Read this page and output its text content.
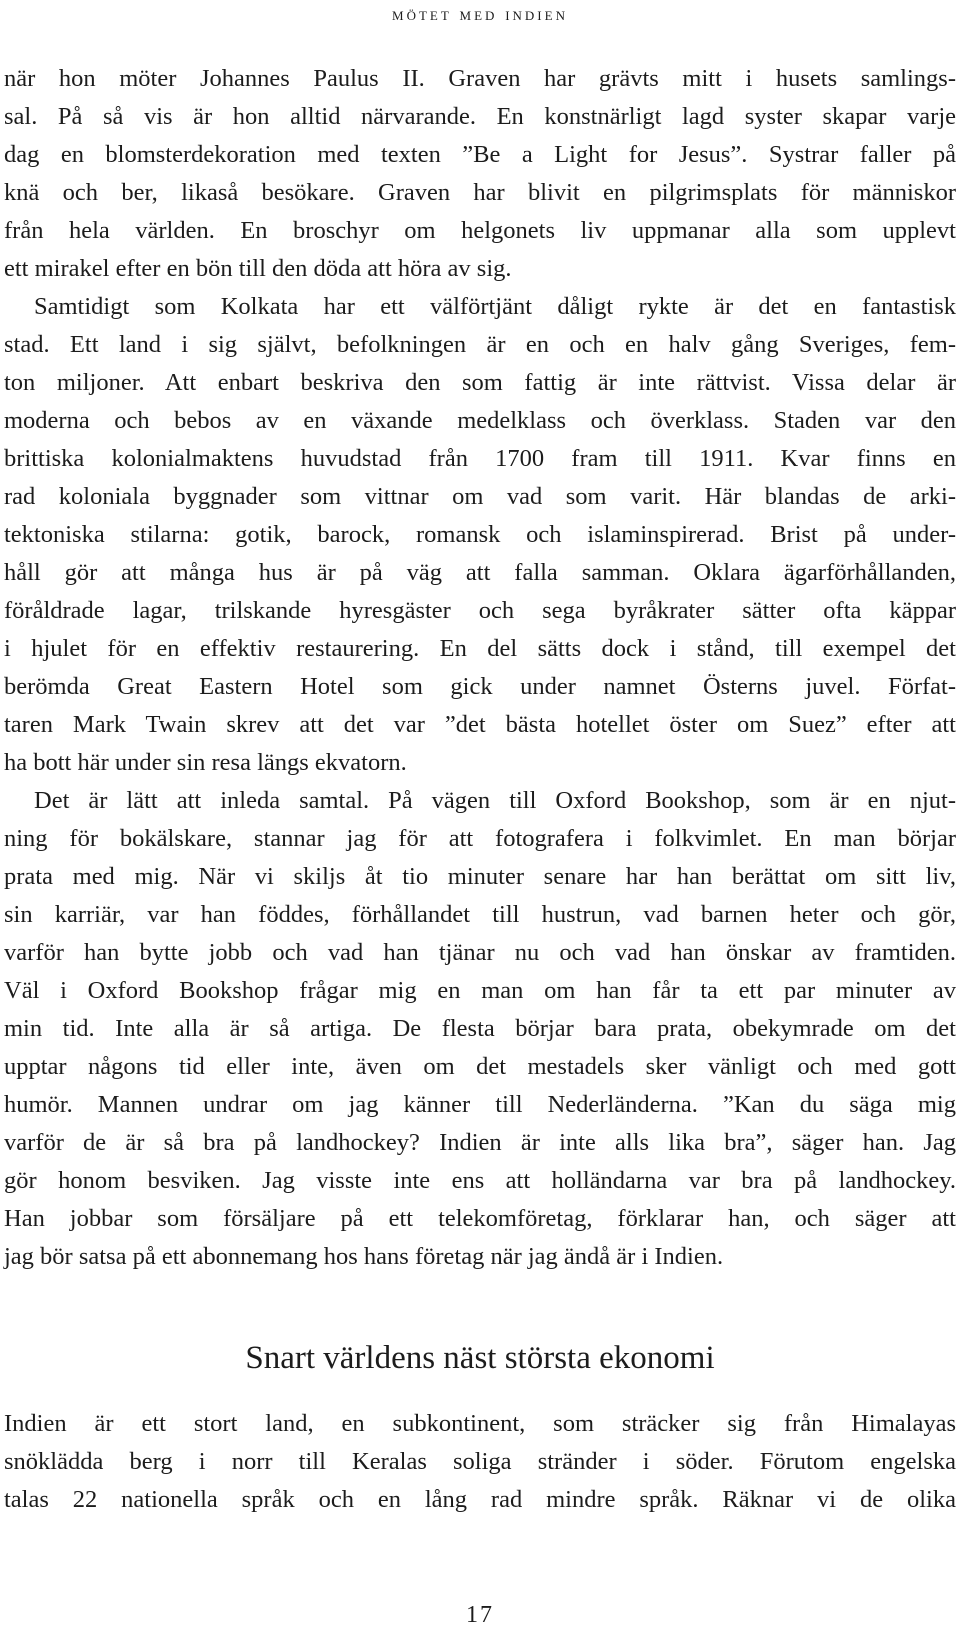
mötet med indien
när hon möter Johannes Paulus II. Graven har grävts mitt i husets samlings-
sal. På så vis är hon alltid närvarande. En konstnärligt lagd syster skapar varje
dag en blomsterdekoration med texten ”Be a Light for Jesus”. Systrar faller på
knä och ber, likaså besökare. Graven har blivit en pilgrimsplats för människor
från hela världen. En broschyr om helgonets liv uppmanar alla som upplevt
ett mirakel efter en bön till den döda att höra av sig.
Samtidigt som Kolkata har ett välförtjänt dåligt rykte är det en fantastisk
stad. Ett land i sig självt, befolkningen är en och en halv gång Sveriges, fem-
ton miljoner. Att enbart beskriva den som fattig är inte rättvist. Vissa delar är
moderna och bebos av en växande medelklass och överklass. Staden var den
brittiska kolonialmaktens huvudstad från 1700 fram till 1911. Kvar finns en
rad koloniala byggnader som vittnar om vad som varit. Här blandas de arki-
tektoniska stilarna: gotik, barock, romansk och islaminspirerad. Brist på under-
håll gör att många hus är på väg att falla samman. Oklara ägarförhållanden,
föråldrade lagar, trilskande hyresgäster och sega byråkrater sätter ofta käppar
i hjulet för en effektiv restaurering. En del sätts dock i stånd, till exempel det
berömda Great Eastern Hotel som gick under namnet Österns juvel. Förfat-
taren Mark Twain skrev att det var ”det bästa hotellet öster om Suez” efter att
ha bott här under sin resa längs ekvatorn.
Det är lätt att inleda samtal. På vägen till Oxford Bookshop, som är en njut-
ning för bokälskare, stannar jag för att fotografera i folkvimlet. En man börjar
prata med mig. När vi skiljs åt tio minuter senare har han berättat om sitt liv,
sin karriär, var han föddes, förhållandet till hustrun, vad barnen heter och gör,
varför han bytte jobb och vad han tjänar nu och vad han önskar av framtiden.
Väl i Oxford Bookshop frågar mig en man om han får ta ett par minuter av
min tid. Inte alla är så artiga. De flesta börjar bara prata, obekymrade om det
upptar någons tid eller inte, även om det mestadels sker vänligt och med gott
humör. Mannen undrar om jag känner till Nederländerna. ”Kan du säga mig
varför de är så bra på landhockey? Indien är inte alls lika bra”, säger han. Jag
gör honom besviken. Jag visste inte ens att holländarna var bra på landhockey.
Han jobbar som försäljare på ett telekomföretag, förklarar han, och säger att
jag bör satsa på ett abonnemang hos hans företag när jag ändå är i Indien.
Snart världens näst största ekonomi
Indien är ett stort land, en subkontinent, som sträcker sig från Himalayas
snöklädda berg i norr till Keralas soliga stränder i söder. Förutom engelska
talas 22 nationella språk och en lång rad mindre språk. Räknar vi de olika
17
